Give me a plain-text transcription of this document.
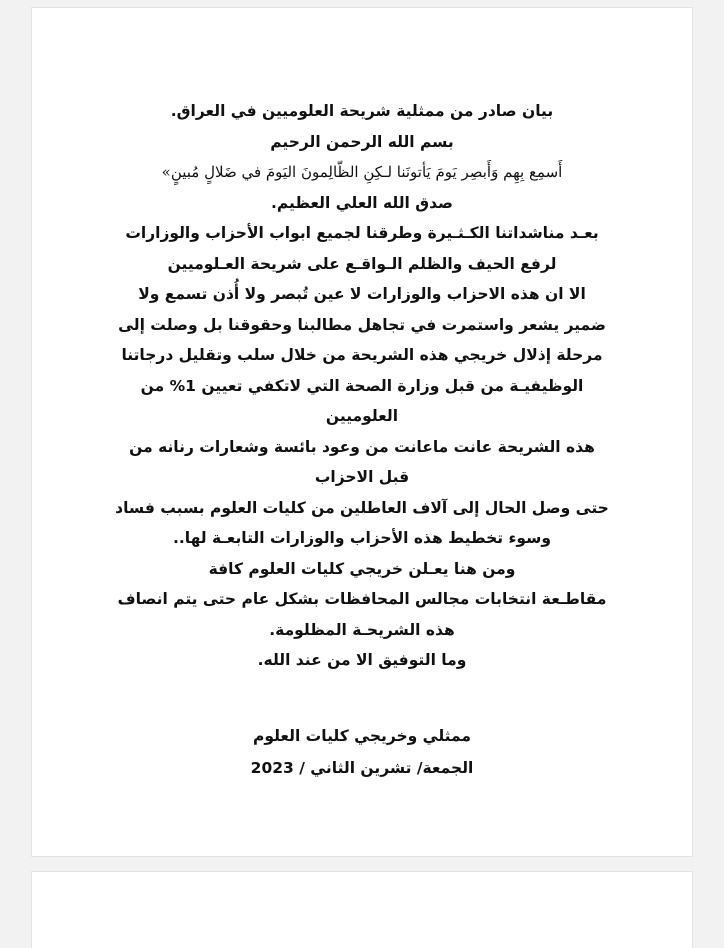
بيان صادر من ممثلية شريحة العلوميين في العراق.
بسم الله الرحمن الرحيم
أَسمِع بِهِم وَأَبصِر يَومَ يَأتونَنا لـكِنِ الظّالِمونَ اليَومَ في ضَلالٍ مُبينٍ»
صدق الله العلي العظيم.
بعـد مناشداتنا الكـثـيرة وطرقنا لجميع ابواب الأحزاب والوزارات
لرفع الحيف والظلم الـواقـع على شريحة العـلوميين
الا ان هذه الاحزاب والوزارات لا عين تُبصر ولا أُذن تسمع ولا
ضمير يشعر واستمرت في تجاهل مطالبنا وحقوقنا بل وصلت إلى
مرحلة إذلال خريجي هذه الشريحة من خلال سلب وتقليل درجاتنا
الوظيفيـة من قبل وزارة الصحة التي لاتكفي تعيين 1% من
العلوميين
هذه الشريحة عانت ماعانت من وعود بائسة وشعارات رنانه من
قبل الاحزاب
حتى وصل الحال إلى آلاف العاطلين من كليات العلوم بسبب فساد
وسوء تخطيط هذه الأحزاب والوزارات التابعـة لها..
ومن هنا يعـلن خريجي كليات العلوم كافة
مقاطـعة انتخابات مجالس المحافظات بشكل عام حتى يتم انصاف
هذه الشريحـة المظلومة.
وما التوفيق الا من عند الله.
ممثلي وخريجي كليات العلوم
الجمعة/ تشرين الثاني / 2023
